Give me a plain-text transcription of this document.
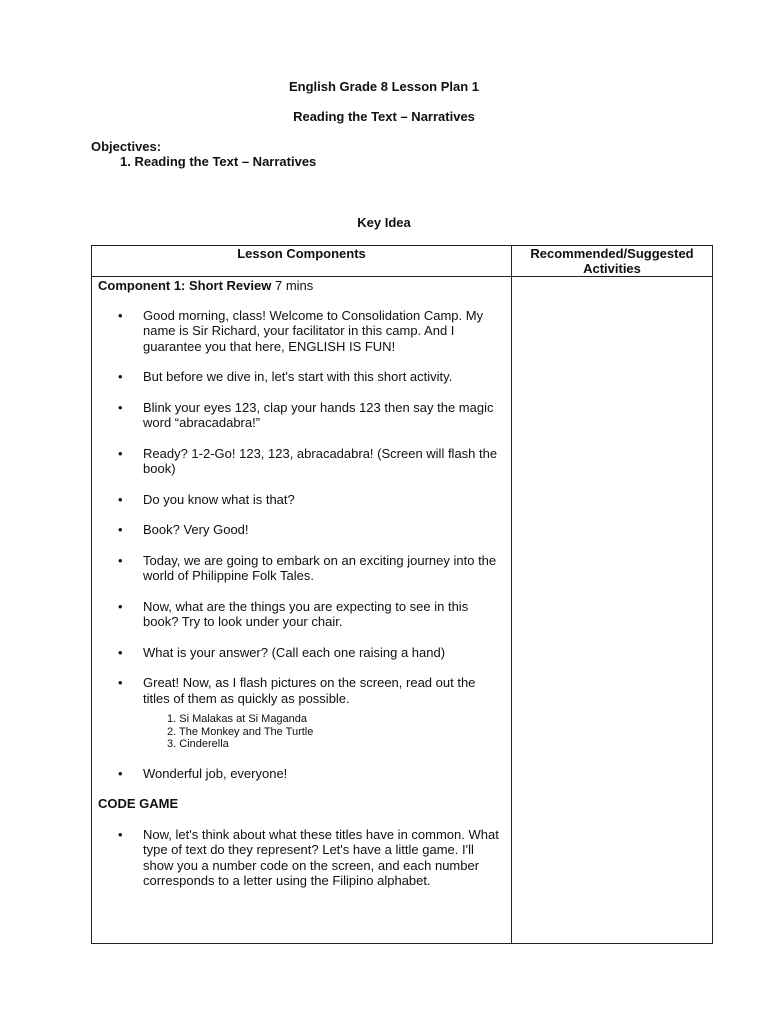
English Grade 8 Lesson Plan 1
Reading the Text – Narratives
Objectives:
1. Reading the Text – Narratives
Key Idea
Lesson Components	Recommended/Suggested Activities
Component 1: Short Review 7 mins
• Good morning, class! Welcome to Consolidation Camp. My name is Sir Richard, your facilitator in this camp. And I guarantee you that here, ENGLISH IS FUN!
• But before we dive in, let's start with this short activity.
• Blink your eyes 123, clap your hands 123 then say the magic word “abracadabra!”
• Ready? 1-2-Go! 123, 123, abracadabra! (Screen will flash the book)
• Do you know what is that?
• Book? Very Good!
• Today, we are going to embark on an exciting journey into the world of Philippine Folk Tales.
• Now, what are the things you are expecting to see in this book? Try to look under your chair.
• What is your answer? (Call each one raising a hand)
• Great! Now, as I flash pictures on the screen, read out the titles of them as quickly as possible.
1. Si Malakas at Si Maganda
2. The Monkey and The Turtle
3. Cinderella
• Wonderful job, everyone!
CODE GAME
• Now, let's think about what these titles have in common. What type of text do they represent? Let's have a little game. I'll show you a number code on the screen, and each number corresponds to a letter using the Filipino alphabet.
